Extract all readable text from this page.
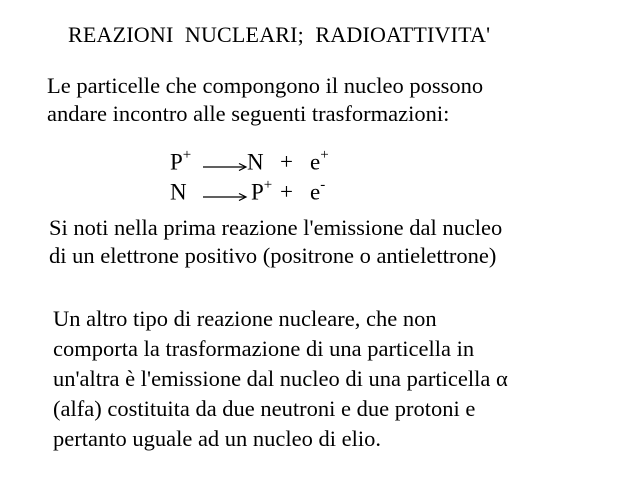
REAZIONI  NUCLEARI;  RADIOATTIVITA'
Le particelle che compongono il nucleo possono
andare incontro alle seguenti trasformazioni:
P+ N + e+
N → P+ + e-
Si noti nella prima reazione l'emissione dal nucleo
di un elettrone positivo (positrone o antielettrone)
Un altro tipo di reazione nucleare, che non
comporta la trasformazione di una particella in
un'altra è l'emissione dal nucleo di una particella α
(alfa) costituita da due neutroni e due protoni e
pertanto uguale ad un nucleo di elio.
